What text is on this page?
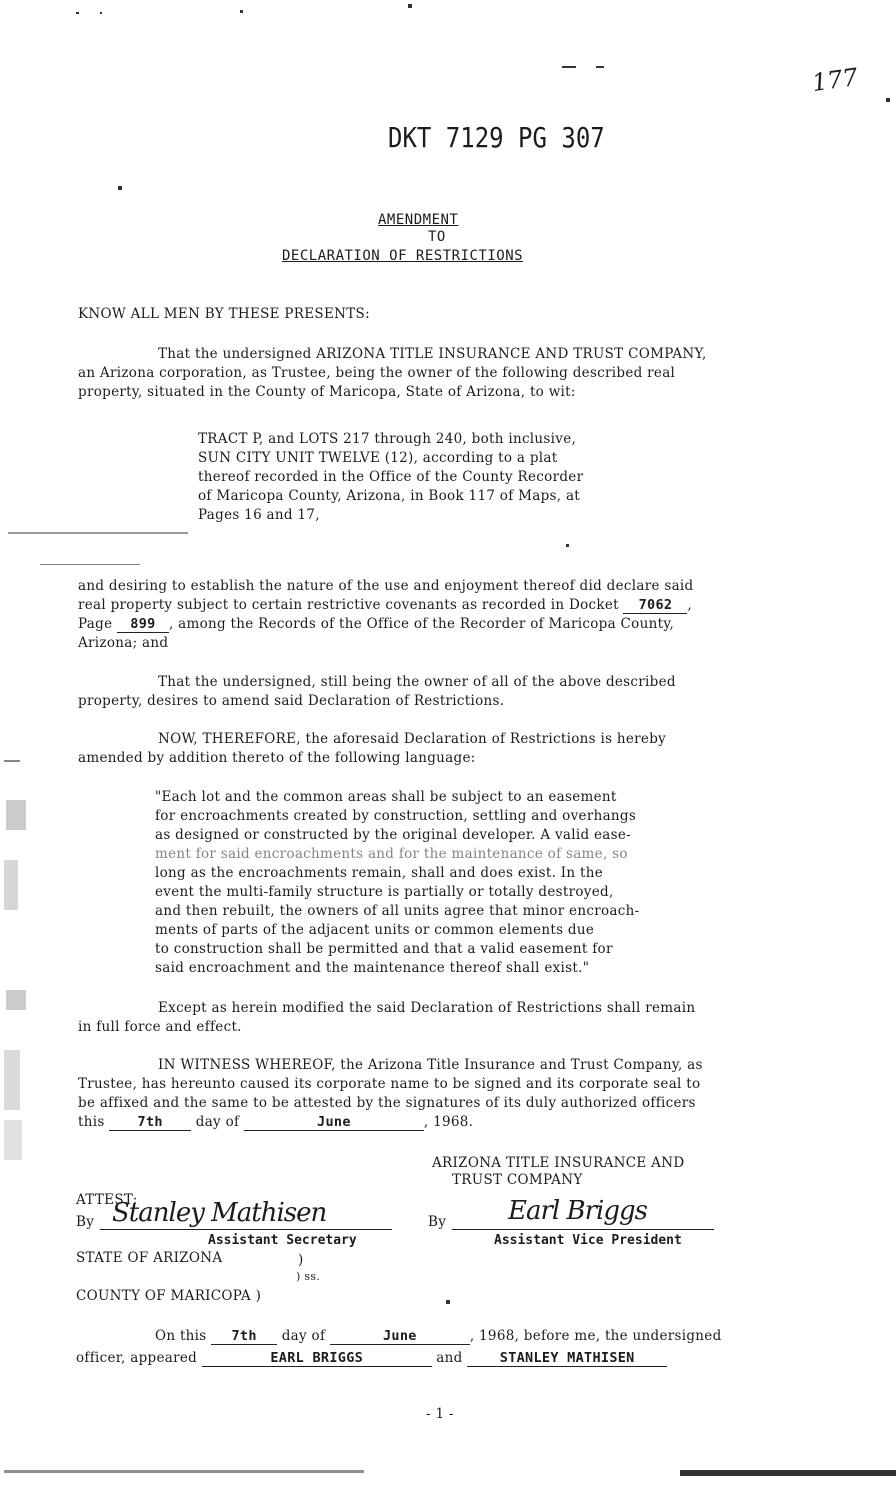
177
DKT 7129 PG 307
AMENDMENT
TO
DECLARATION OF RESTRICTIONS
KNOW ALL MEN BY THESE PRESENTS:
That the undersigned ARIZONA TITLE INSURANCE AND TRUST COMPANY,
an Arizona corporation, as Trustee, being the owner of the following described real
property, situated in the County of Maricopa, State of Arizona, to wit:
TRACT P, and LOTS 217 through 240, both inclusive,
SUN CITY UNIT TWELVE (12), according to a plat
thereof recorded in the Office of the County Recorder
of Maricopa County, Arizona, in Book 117 of Maps, at
Pages 16 and 17,
and desiring to establish the nature of the use and enjoyment thereof did declare said
real property subject to certain restrictive covenants as recorded in Docket 7062 ,
Page 899 , among the Records of the Office of the Recorder of Maricopa County,
Arizona; and
That the undersigned, still being the owner of all of the above described
property, desires to amend said Declaration of Restrictions.
NOW, THEREFORE, the aforesaid Declaration of Restrictions is hereby
amended by addition thereto of the following language:
"Each lot and the common areas shall be subject to an easement
for encroachments created by construction, settling and overhangs
as designed or constructed by the original developer. A valid ease-
ment for said encroachments and for the maintenance of same, so
long as the encroachments remain, shall and does exist. In the
event the multi-family structure is partially or totally destroyed,
and then rebuilt, the owners of all units agree that minor encroach-
ments of parts of the adjacent units or common elements due
to construction shall be permitted and that a valid easement for
said encroachment and the maintenance thereof shall exist."
Except as herein modified the said Declaration of Restrictions shall remain
in full force and effect.
IN WITNESS WHEREOF, the Arizona Title Insurance and Trust Company, as
Trustee, has hereunto caused its corporate name to be signed and its corporate seal to
be affixed and the same to be attested by the signatures of its duly authorized officers
this 7th day of	June	, 1968.
ARIZONA TITLE INSURANCE AND
TRUST COMPANY
ATTEST:
By Stanley Mathisen
Assistant Secretary
By Earl Briggs
Assistant Vice President
STATE OF ARIZONA	)
) ss.
COUNTY OF MARICOPA )
On this 7th day of	June	, 1968, before me, the undersigned
officer, appeared	EARL BRIGGS	and	STANLEY MATHISEN
- 1 -
